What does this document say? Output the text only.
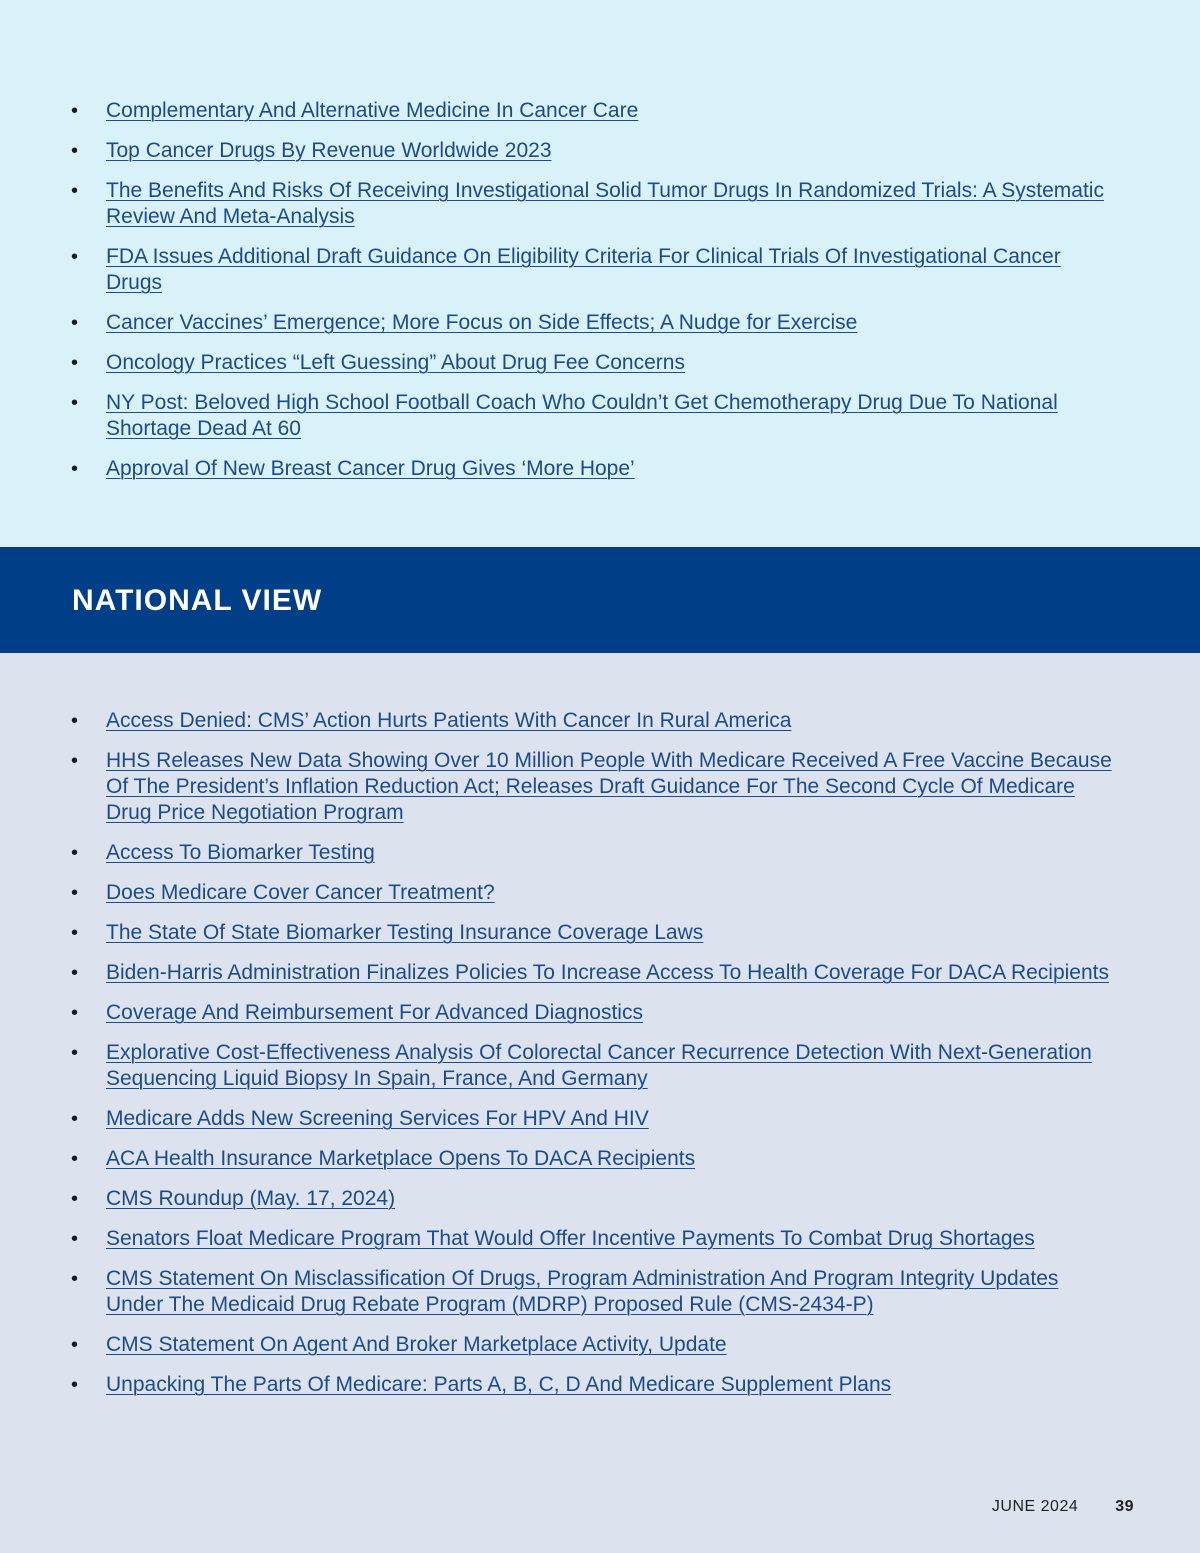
NATIONAL VIEW
• Complementary And Alternative Medicine In Cancer Care
• Top Cancer Drugs By Revenue Worldwide 2023
• The Benefits And Risks Of Receiving Investigational Solid Tumor Drugs In Randomized Trials: A Systematic Review And Meta-Analysis
• FDA Issues Additional Draft Guidance On Eligibility Criteria For Clinical Trials Of Investigational Cancer Drugs
• Cancer Vaccines’ Emergence; More Focus on Side Effects; A Nudge for Exercise
• Oncology Practices “Left Guessing” About Drug Fee Concerns
• NY Post: Beloved High School Football Coach Who Couldn’t Get Chemotherapy Drug Due To National Shortage Dead At 60
• Approval Of New Breast Cancer Drug Gives ‘More Hope’
• Access Denied: CMS’ Action Hurts Patients With Cancer In Rural America
• HHS Releases New Data Showing Over 10 Million People With Medicare Received A Free Vaccine Because Of The President’s Inflation Reduction Act; Releases Draft Guidance For The Second Cycle Of Medicare Drug Price Negotiation Program
• Access To Biomarker Testing
• Does Medicare Cover Cancer Treatment?
• The State Of State Biomarker Testing Insurance Coverage Laws
• Biden-Harris Administration Finalizes Policies To Increase Access To Health Coverage For DACA Recipients
• Coverage And Reimbursement For Advanced Diagnostics
• Explorative Cost-Effectiveness Analysis Of Colorectal Cancer Recurrence Detection With Next-Generation Sequencing Liquid Biopsy In Spain, France, And Germany
• Medicare Adds New Screening Services For HPV And HIV
• ACA Health Insurance Marketplace Opens To DACA Recipients
• CMS Roundup (May. 17, 2024)
• Senators Float Medicare Program That Would Offer Incentive Payments To Combat Drug Shortages
• CMS Statement On Misclassification Of Drugs, Program Administration And Program Integrity Updates Under The Medicaid Drug Rebate Program (MDRP) Proposed Rule (CMS-2434-P)
• CMS Statement On Agent And Broker Marketplace Activity, Update
• Unpacking The Parts Of Medicare: Parts A, B, C, D And Medicare Supplement Plans
JUNE 2024 39
